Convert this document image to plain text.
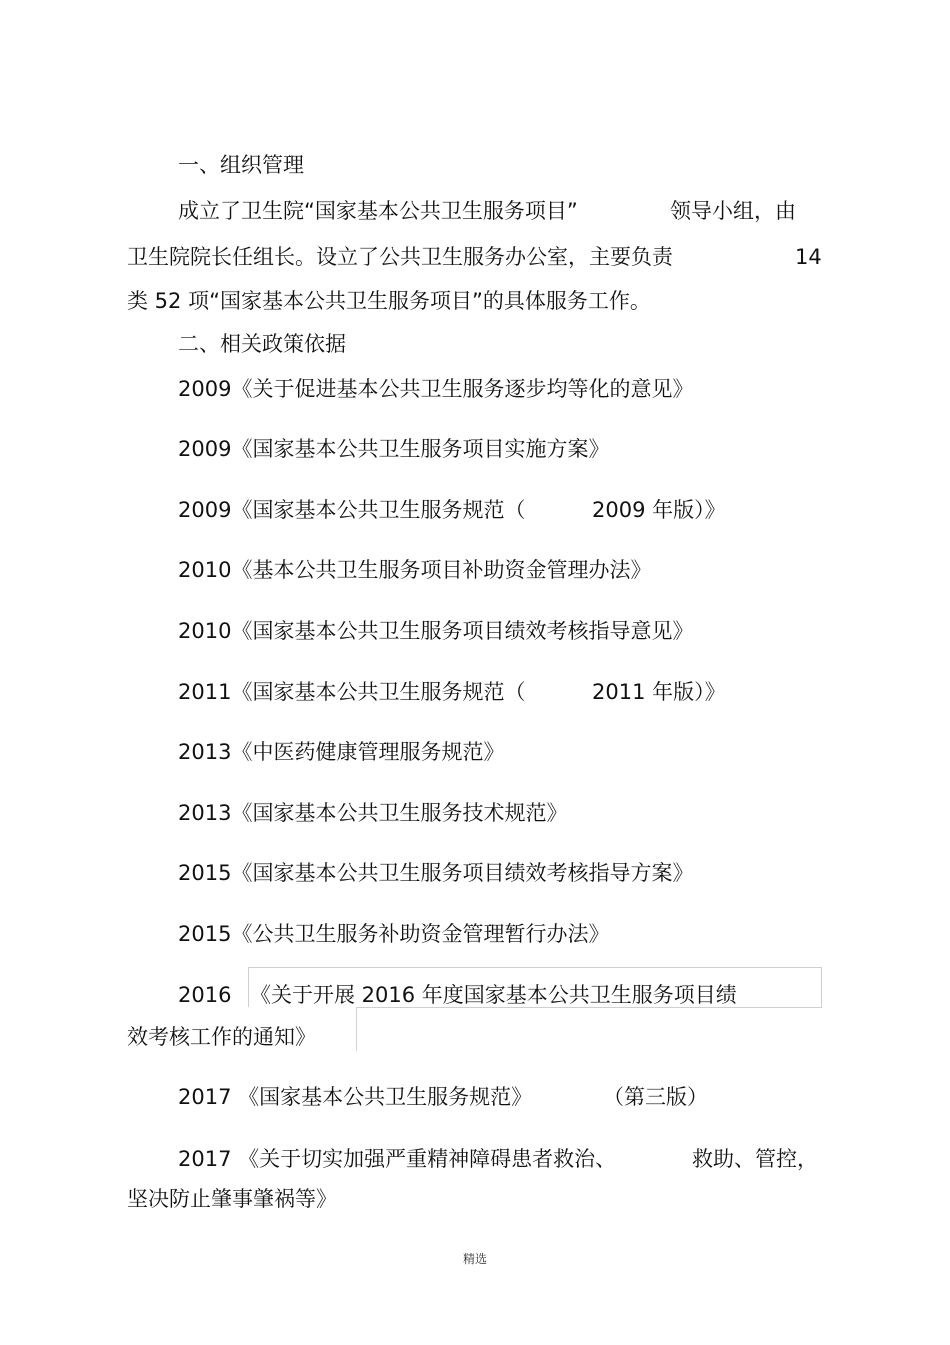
一、组织管理
成立了卫生院“国家基本公共卫生服务项目”	领导小组，由
卫生院院长任组长。设立了公共卫生服务办公室，主要负责	14
类 52 项“国家基本公共卫生服务项目”的具体服务工作。
二、相关政策依据
2009《关于促进基本公共卫生服务逐步均等化的意见》
2009《国家基本公共卫生服务项目实施方案》
2009《国家基本公共卫生服务规范（	2009 年版）》
2010《基本公共卫生服务项目补助资金管理办法》
2010《国家基本公共卫生服务项目绩效考核指导意见》
2011《国家基本公共卫生服务规范（	2011 年版）》
2013《中医药健康管理服务规范》
2013《国家基本公共卫生服务技术规范》
2015《国家基本公共卫生服务项目绩效考核指导方案》
2015《公共卫生服务补助资金管理暂行办法》
2016 《关于开展 2016 年度国家基本公共卫生服务项目绩
效考核工作的通知》
2017 《国家基本公共卫生服务规范》	（第三版）
2017 《关于切实加强严重精神障碍患者救治、	救助、管控，
坚决防止肇事肇祸等》
精选
